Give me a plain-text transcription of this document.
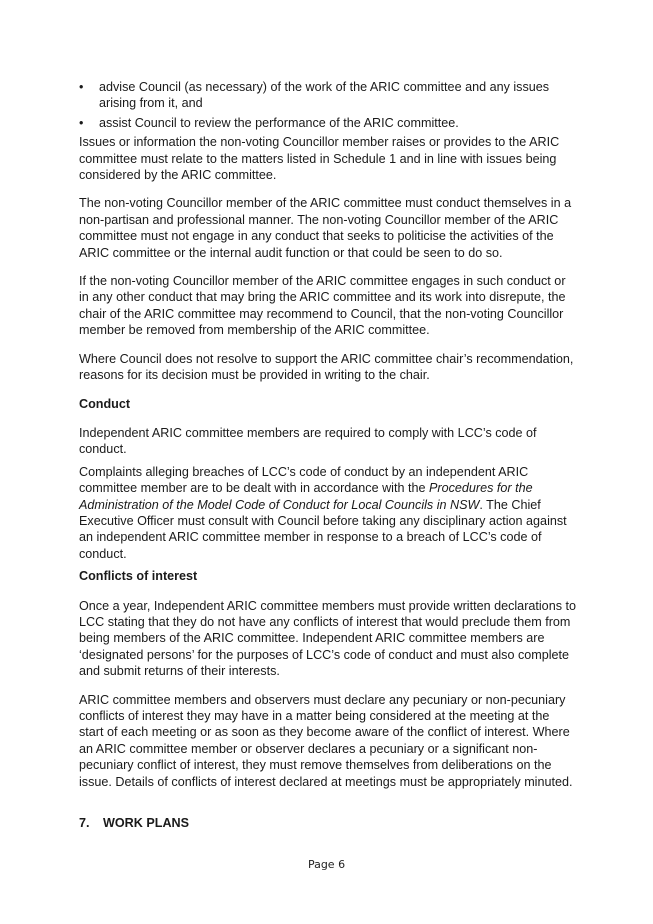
• advise Council (as necessary) of the work of the ARIC committee and any issues arising from it, and
• assist Council to review the performance of the ARIC committee.

Issues or information the non-voting Councillor member raises or provides to the ARIC committee must relate to the matters listed in Schedule 1 and in line with issues being considered by the ARIC committee.

The non-voting Councillor member of the ARIC committee must conduct themselves in a non-partisan and professional manner. The non-voting Councillor member of the ARIC committee must not engage in any conduct that seeks to politicise the activities of the ARIC committee or the internal audit function or that could be seen to do so.

If the non-voting Councillor member of the ARIC committee engages in such conduct or in any other conduct that may bring the ARIC committee and its work into disrepute, the chair of the ARIC committee may recommend to Council, that the non-voting Councillor member be removed from membership of the ARIC committee.

Where Council does not resolve to support the ARIC committee chair’s recommendation, reasons for its decision must be provided in writing to the chair.

Conduct

Independent ARIC committee members are required to comply with LCC’s code of conduct.

Complaints alleging breaches of LCC’s code of conduct by an independent ARIC committee member are to be dealt with in accordance with the Procedures for the Administration of the Model Code of Conduct for Local Councils in NSW. The Chief Executive Officer must consult with Council before taking any disciplinary action against an independent ARIC committee member in response to a breach of LCC’s code of conduct.

Conflicts of interest

Once a year, Independent ARIC committee members must provide written declarations to LCC stating that they do not have any conflicts of interest that would preclude them from being members of the ARIC committee. Independent ARIC committee members are ‘designated persons’ for the purposes of LCC’s code of conduct and must also complete and submit returns of their interests.

ARIC committee members and observers must declare any pecuniary or non-pecuniary conflicts of interest they may have in a matter being considered at the meeting at the start of each meeting or as soon as they become aware of the conflict of interest. Where an ARIC committee member or observer declares a pecuniary or a significant non-pecuniary conflict of interest, they must remove themselves from deliberations on the issue. Details of conflicts of interest declared at meetings must be appropriately minuted.

7. WORK PLANS
Page 6
